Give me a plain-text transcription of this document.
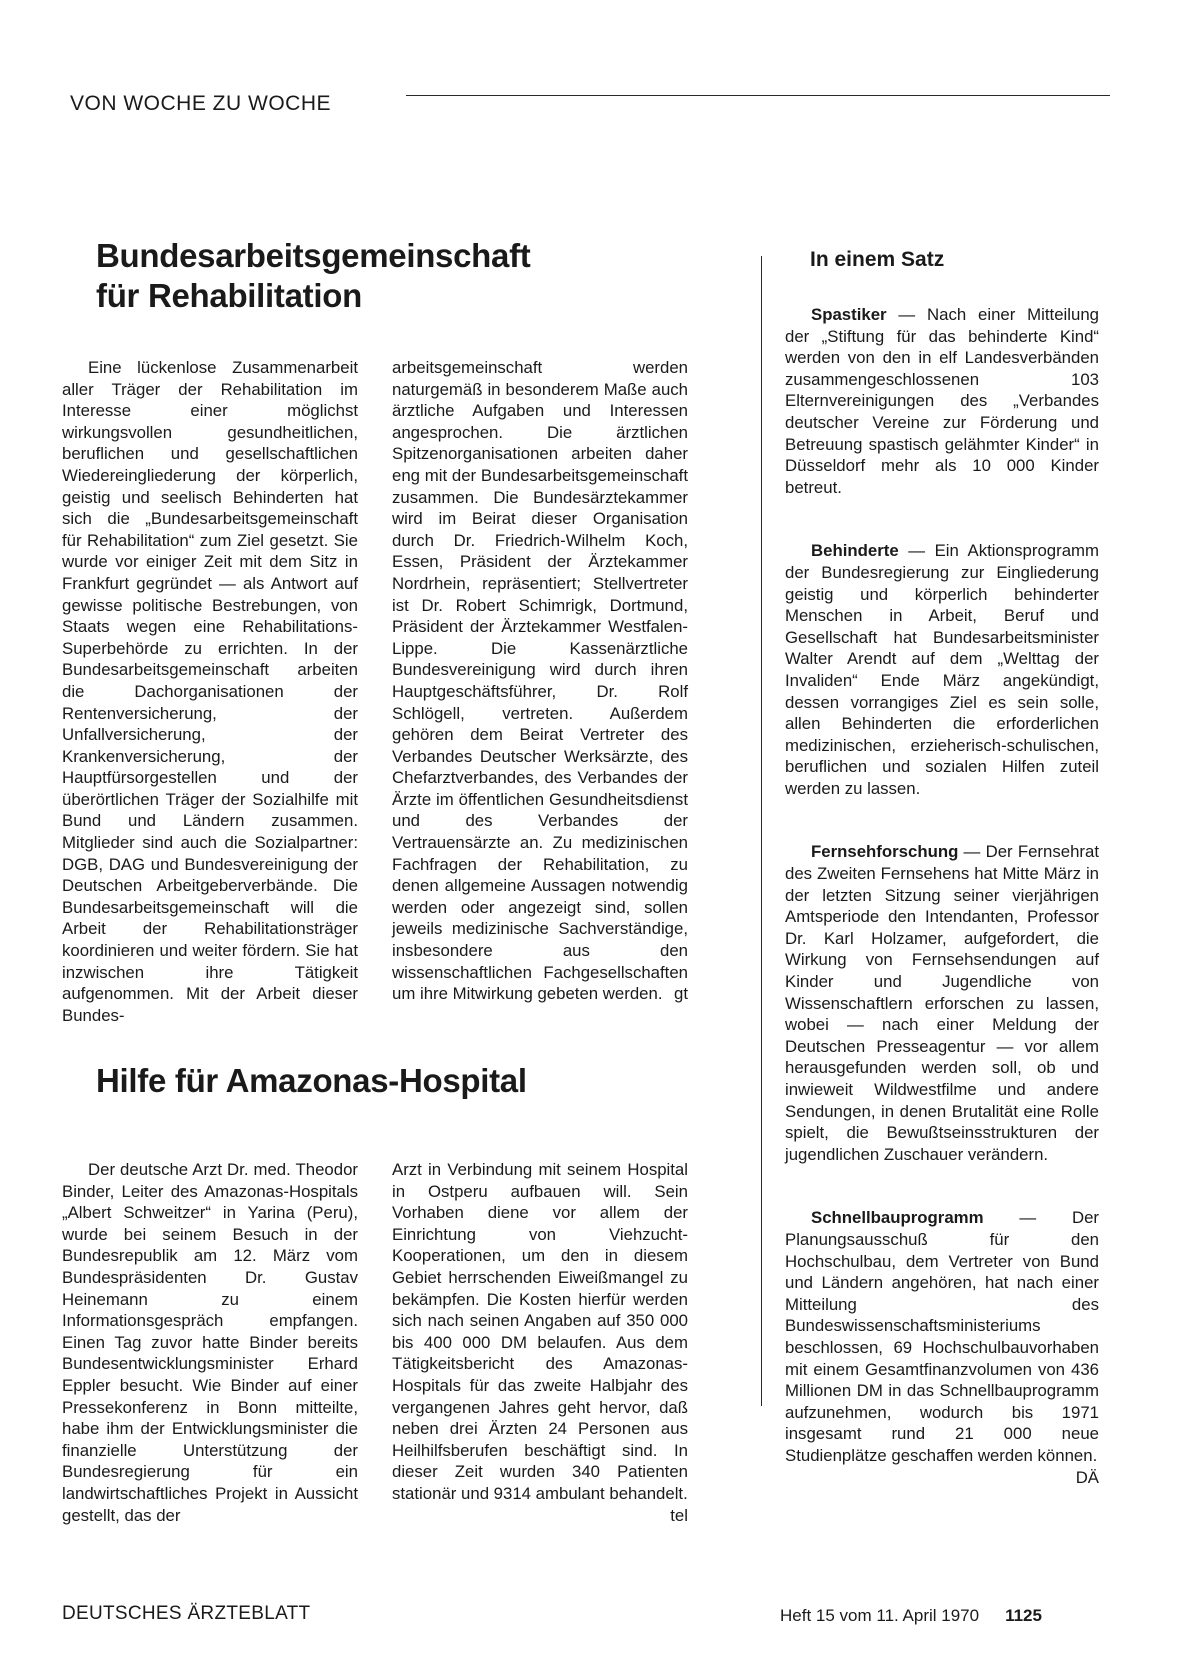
VON WOCHE ZU WOCHE
Bundesarbeitsgemeinschaft
für Rehabilitation

Eine lückenlose Zusammenarbeit aller Träger der Rehabilitation im Interesse einer möglichst wirkungsvollen gesundheitlichen, beruflichen und gesellschaftlichen Wiedereingliederung der körperlich, geistig und seelisch Behinderten hat sich die „Bundesarbeitsgemeinschaft für Rehabilitation“ zum Ziel gesetzt. Sie wurde vor einiger Zeit mit dem Sitz in Frankfurt gegründet — als Antwort auf gewisse politische Bestrebungen, von Staats wegen eine Rehabilitations-Superbehörde zu errichten. In der Bundesarbeitsgemeinschaft arbeiten die Dachorganisationen der Rentenversicherung, der Unfallversicherung, der Krankenversicherung, der Hauptfürsorgestellen und der überörtlichen Träger der Sozialhilfe mit Bund und Ländern zusammen. Mitglieder sind auch die Sozialpartner: DGB, DAG und Bundesvereinigung der Deutschen Arbeitgeberverbände. Die Bundesarbeitsgemeinschaft will die Arbeit der Rehabilitationsträger koordinieren und weiter fördern. Sie hat inzwischen ihre Tätigkeit aufgenommen. Mit der Arbeit dieser Bundes-

arbeitsgemeinschaft werden naturgemäß in besonderem Maße auch ärztliche Aufgaben und Interessen angesprochen. Die ärztlichen Spitzenorganisationen arbeiten daher eng mit der Bundesarbeitsgemeinschaft zusammen. Die Bundesärztekammer wird im Beirat dieser Organisation durch Dr. Friedrich-Wilhelm Koch, Essen, Präsident der Ärztekammer Nordrhein, repräsentiert; Stellvertreter ist Dr. Robert Schimrigk, Dortmund, Präsident der Ärztekammer Westfalen-Lippe. Die Kassenärztliche Bundesvereinigung wird durch ihren Hauptgeschäftsführer, Dr. Rolf Schlögell, vertreten. Außerdem gehören dem Beirat Vertreter des Verbandes Deutscher Werksärzte, des Chefarztverbandes, des Verbandes der Ärzte im öffentlichen Gesundheitsdienst und des Verbandes der Vertrauensärzte an. Zu medizinischen Fachfragen der Rehabilitation, zu denen allgemeine Aussagen notwendig werden oder angezeigt sind, sollen jeweils medizinische Sachverständige, insbesondere aus den wissenschaftlichen Fachgesellschaften um ihre Mitwirkung gebeten werden. gt

Hilfe für Amazonas-Hospital

Der deutsche Arzt Dr. med. Theodor Binder, Leiter des Amazonas-Hospitals „Albert Schweitzer“ in Yarina (Peru), wurde bei seinem Besuch in der Bundesrepublik am 12. März vom Bundespräsidenten Dr. Gustav Heinemann zu einem Informationsgespräch empfangen. Einen Tag zuvor hatte Binder bereits Bundesentwicklungsminister Erhard Eppler besucht. Wie Binder auf einer Pressekonferenz in Bonn mitteilte, habe ihm der Entwicklungsminister die finanzielle Unterstützung der Bundesregierung für ein landwirtschaftliches Projekt in Aussicht gestellt, das der

Arzt in Verbindung mit seinem Hospital in Ostperu aufbauen will. Sein Vorhaben diene vor allem der Einrichtung von Viehzucht-Kooperationen, um den in diesem Gebiet herrschenden Eiweißmangel zu bekämpfen. Die Kosten hierfür werden sich nach seinen Angaben auf 350 000 bis 400 000 DM belaufen. Aus dem Tätigkeitsbericht des Amazonas-Hospitals für das zweite Halbjahr des vergangenen Jahres geht hervor, daß neben drei Ärzten 24 Personen aus Heilhilfsberufen beschäftigt sind. In dieser Zeit wurden 340 Patienten stationär und 9314 ambulant behandelt.
tel

In einem Satz

Spastiker — Nach einer Mitteilung der „Stiftung für das behinderte Kind“ werden von den in elf Landesverbänden zusammengeschlossenen 103 Elternvereinigungen des „Verbandes deutscher Vereine zur Förderung und Betreuung spastisch gelähmter Kinder“ in Düsseldorf mehr als 10 000 Kinder betreut.

Behinderte — Ein Aktionsprogramm der Bundesregierung zur Eingliederung geistig und körperlich behinderter Menschen in Arbeit, Beruf und Gesellschaft hat Bundesarbeitsminister Walter Arendt auf dem „Welttag der Invaliden“ Ende März angekündigt, dessen vorrangiges Ziel es sein solle, allen Behinderten die erforderlichen medizinischen, erzieherisch-schulischen, beruflichen und sozialen Hilfen zuteil werden zu lassen.

Fernsehforschung — Der Fernsehrat des Zweiten Fernsehens hat Mitte März in der letzten Sitzung seiner vierjährigen Amtsperiode den Intendanten, Professor Dr. Karl Holzamer, aufgefordert, die Wirkung von Fernsehsendungen auf Kinder und Jugendliche von Wissenschaftlern erforschen zu lassen, wobei — nach einer Meldung der Deutschen Presseagentur — vor allem herausgefunden werden soll, ob und inwieweit Wildwestfilme und andere Sendungen, in denen Brutalität eine Rolle spielt, die Bewußtseinsstrukturen der jugendlichen Zuschauer verändern.

Schnellbauprogramm — Der Planungsausschuß für den Hochschulbau, dem Vertreter von Bund und Ländern angehören, hat nach einer Mitteilung des Bundeswissenschaftsministeriums beschlossen, 69 Hochschulbauvorhaben mit einem Gesamtfinanzvolumen von 436 Millionen DM in das Schnellbauprogramm aufzunehmen, wodurch bis 1971 insgesamt rund 21 000 neue Studienplätze geschaffen werden können.
DÄ

DEUTSCHES ÄRZTEBLATT	Heft 15 vom 11. April 1970 1125
